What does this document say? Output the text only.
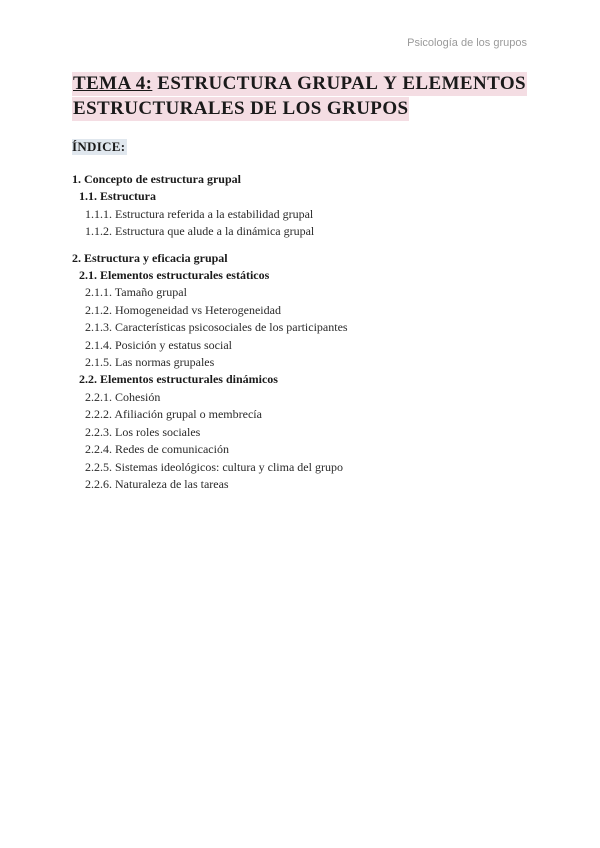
Psicología de los grupos
TEMA 4: ESTRUCTURA GRUPAL Y ELEMENTOS
ESTRUCTURALES DE LOS GRUPOS
ÍNDICE:
1. Concepto de estructura grupal
1.1. Estructura
1.1.1. Estructura referida a la estabilidad grupal
1.1.2. Estructura que alude a la dinámica grupal
2. Estructura y eficacia grupal
2.1. Elementos estructurales estáticos
2.1.1. Tamaño grupal
2.1.2. Homogeneidad vs Heterogeneidad
2.1.3. Características psicosociales de los participantes
2.1.4. Posición y estatus social
2.1.5. Las normas grupales
2.2. Elementos estructurales dinámicos
2.2.1. Cohesión
2.2.2. Afiliación grupal o membrecía
2.2.3. Los roles sociales
2.2.4. Redes de comunicación
2.2.5. Sistemas ideológicos: cultura y clima del grupo
2.2.6. Naturaleza de las tareas
